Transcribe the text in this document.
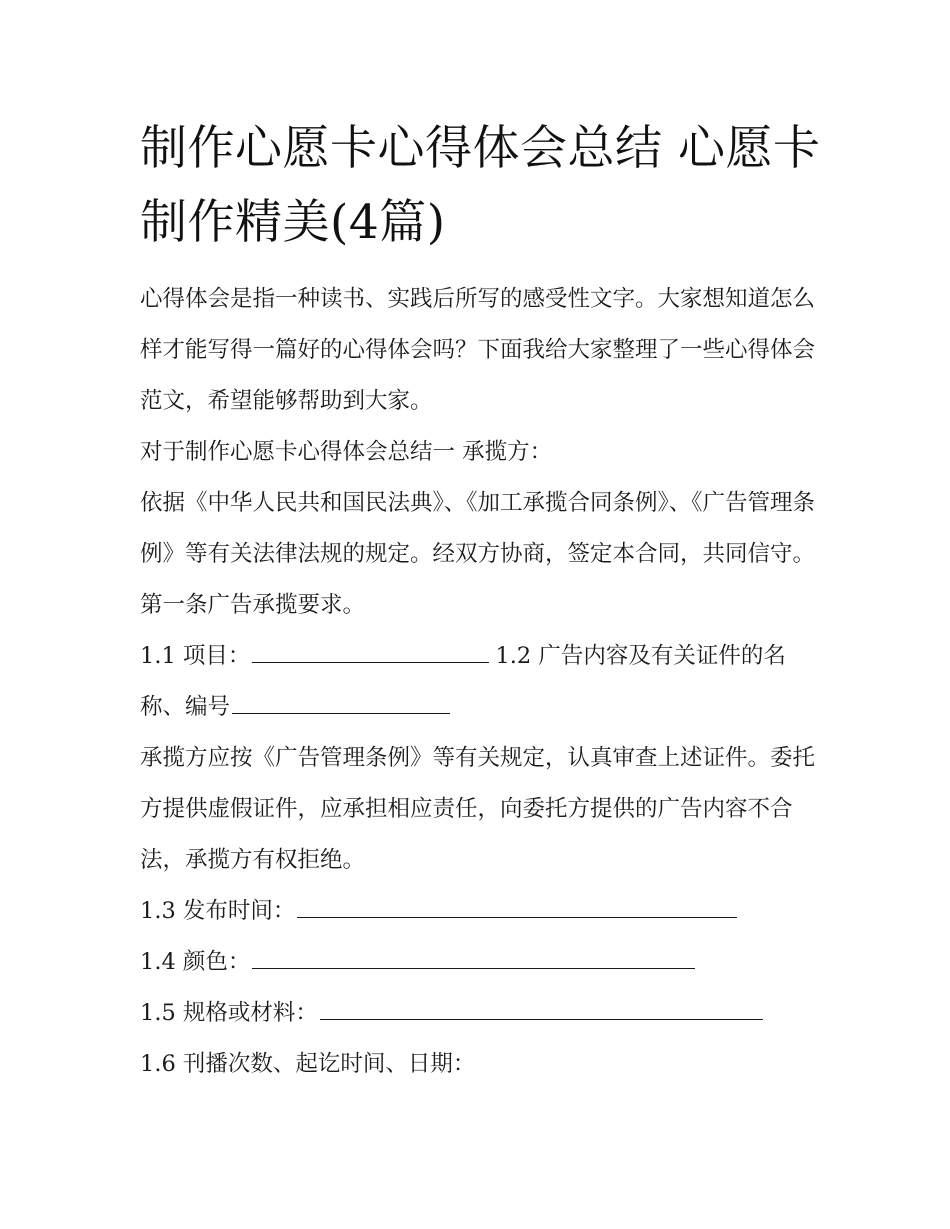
制作心愿卡心得体会总结 心愿卡制作精美(4篇)

心得体会是指一种读书、实践后所写的感受性文字。大家想知道怎么样才能写得一篇好的心得体会吗？下面我给大家整理了一些心得体会范文，希望能够帮助到大家。

对于制作心愿卡心得体会总结一 承揽方：

依据《中华人民共和国民法典》、《加工承揽合同条例》、《广告管理条例》等有关法律法规的规定。经双方协商，签定本合同，共同信守。 第一条广告承揽要求。

1.1 项目：	1.2 广告内容及有关证件的名称、编号

承揽方应按《广告管理条例》等有关规定，认真审查上述证件。委托方提供虚假证件，应承担相应责任，向委托方提供的广告内容不合法，承揽方有权拒绝。

1.3 发布时间：

1.4 颜色：

1.5 规格或材料：

1.6 刊播次数、起讫时间、日期：
